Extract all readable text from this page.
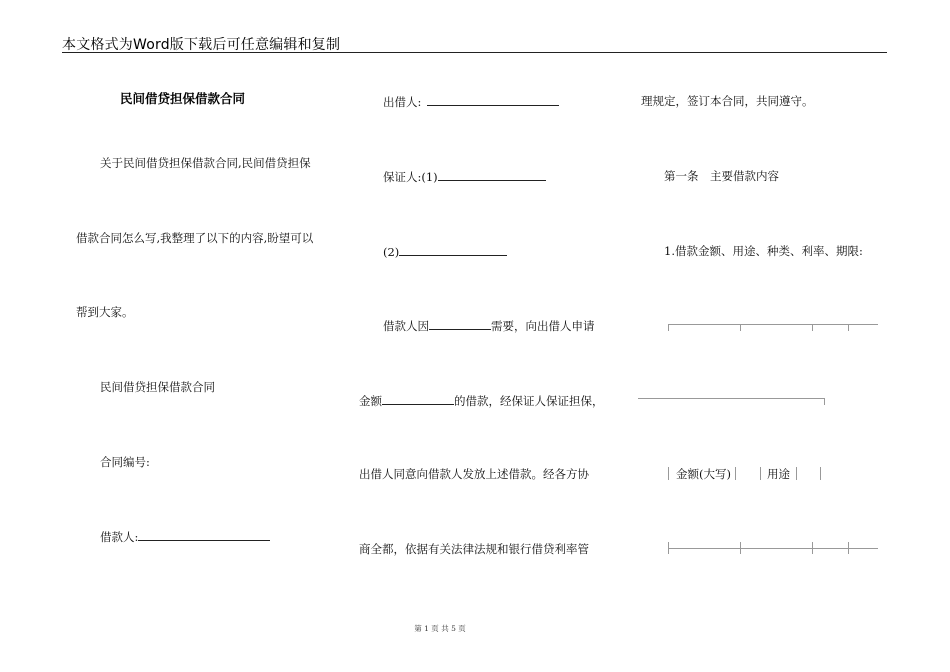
本文格式为Word版下载后可任意编辑和复制
民间借贷担保借款合同
关于民间借贷担保借款合同,民间借贷担保
借款合同怎么写,我整理了以下的内容,盼望可以
帮到大家。
民间借贷担保借款合同
合同编号:
借款人:
出借人:
保证人:(1)
(2)
借款人因	需要，向出借人申请
金额	的借款，经保证人保证担保，
出借人同意向借款人发放上述借款。经各方协
商全都，依据有关法律法规和银行借贷利率管
理规定，签订本合同，共同遵守。
第一条　主要借款内容
1.借款金额、用途、种类、利率、期限:
金额(大写)	用途
第 1 页 共 5 页
